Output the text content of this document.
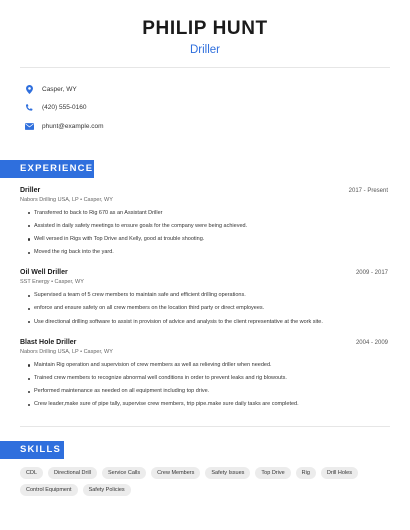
PHILIP HUNT
Driller
Casper, WY
(420) 555-0160
phunt@example.com
EXPERIENCE
Driller	2017 - Present
Nabors Drilling USA, LP • Casper, WY
Transferred to back to Rig 670 as an Assistant Driller
Assisted in daily safety meetings to ensure goals for the company were being achieved.
Well versed in Rigs with Top Drive and Kelly, good at trouble shooting.
Moved the rig back into the yard.
Oil Well Driller	2009 - 2017
SST Energy • Casper, WY
Supervised a team of 5 crew members to maintain safe and efficient drilling operations.
enforce and ensure safety on all crew members on the location third party or direct employees.
Use directional drilling software to assist in provision of advice and analysis to the client representative at the work site.
Blast Hole Driller	2004 - 2009
Nabors Drilling USA, LP • Casper, WY
Maintain Rig operation and supervision of crew members as well as relieving driller when needed.
Trained crew members to recognize abnormal well conditions in order to prevent leaks and rig blowouts.
Performed maintenance as needed on all equipment including top drive.
Crew leader,make sure of pipe tally, supervise crew members, trip pipe.make sure daily tasks are completed.
SKILLS
CDL	Directional Drill	Service Calls	Crew Members	Safety Issues	Top Drive	Rig	Drill Holes
Control Equipment	Safety Policies
